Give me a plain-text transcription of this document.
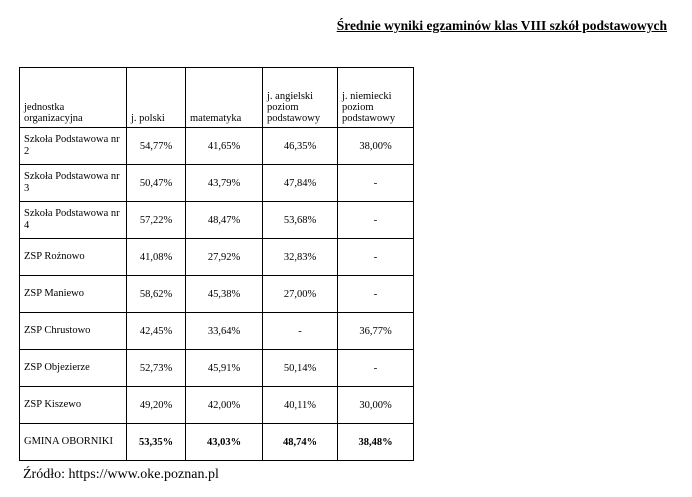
Średnie wyniki egzaminów klas VIII szkół podstawowych
jednostka organizacyjna	j. polski	matematyka	j. angielski poziom podstawowy	j. niemiecki poziom podstawowy
Szkoła Podstawowa nr 2	54,77%	41,65%	46,35%	38,00%
Szkoła Podstawowa nr 3	50,47%	43,79%	47,84%	-
Szkoła Podstawowa nr 4	57,22%	48,47%	53,68%	-
ZSP Rożnowo	41,08%	27,92%	32,83%	-
ZSP Maniewo	58,62%	45,38%	27,00%	-
ZSP Chrustowo	42,45%	33,64%	-	36,77%
ZSP Objezierze	52,73%	45,91%	50,14%	-
ZSP Kiszewo	49,20%	42,00%	40,11%	30,00%
GMINA OBORNIKI	53,35%	43,03%	48,74%	38,48%
Źródło: https://www.oke.poznan.pl
